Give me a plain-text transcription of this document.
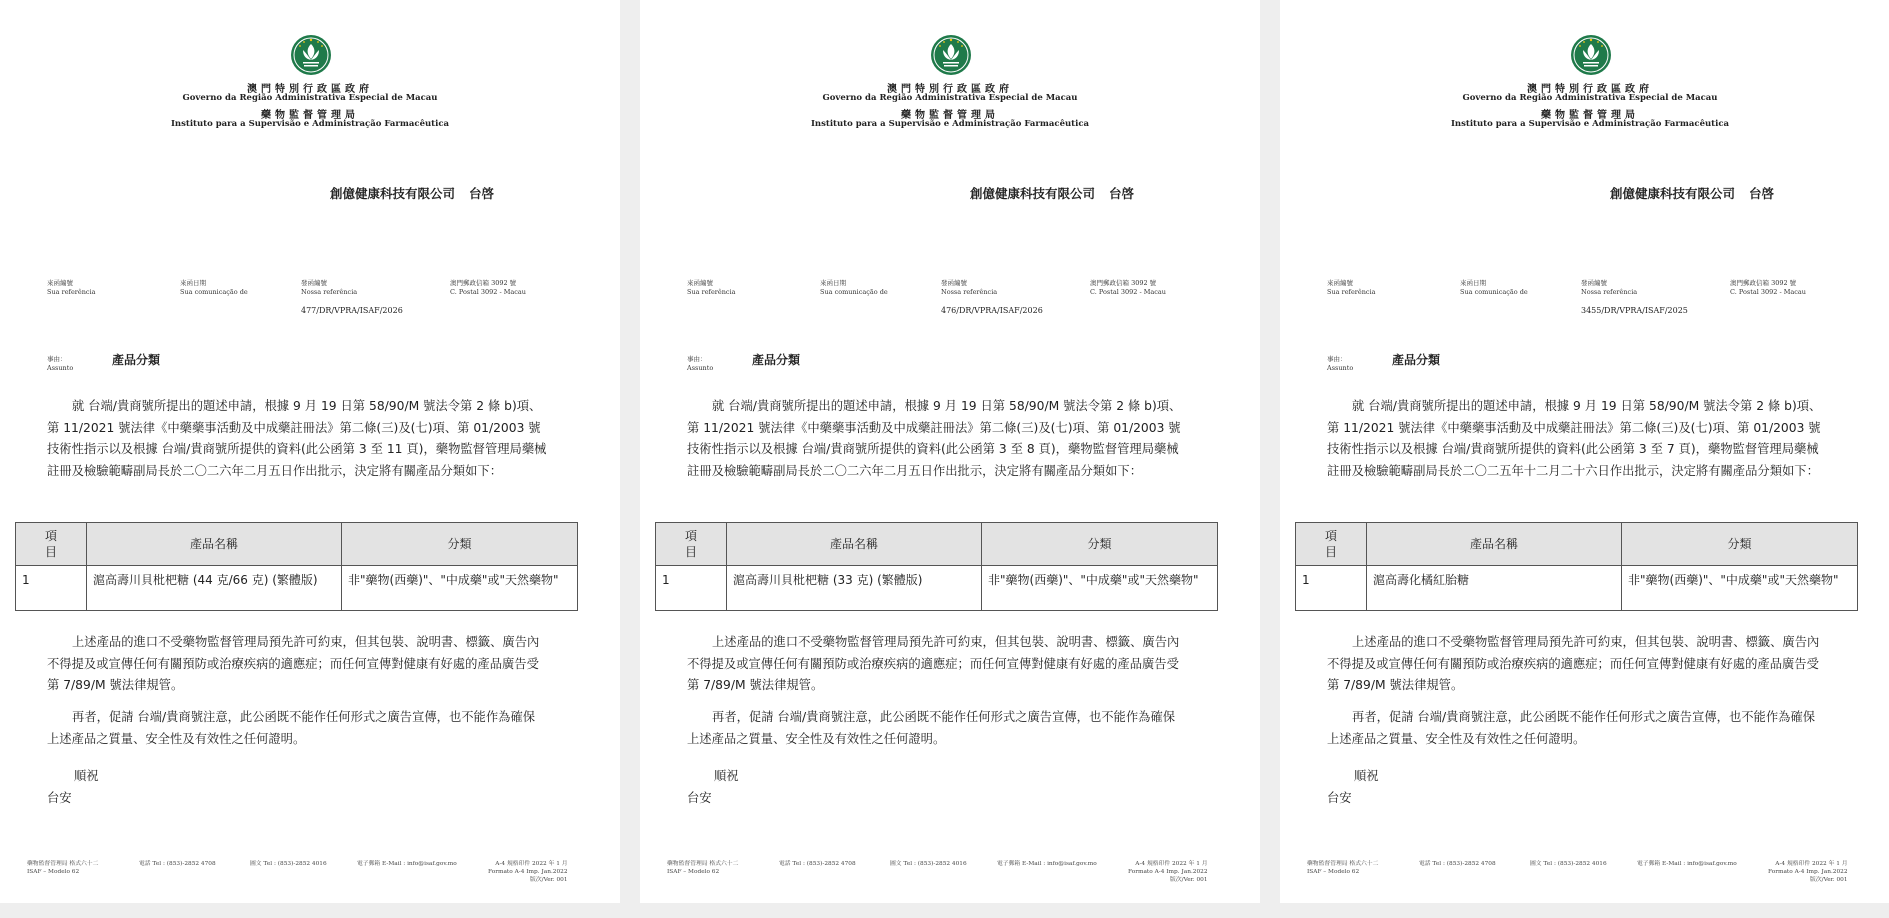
澳門特別行政區政府
Governo da Região Administrativa Especial de Macau
藥物監督管理局
Instituto para a Supervisão e Administração Farmacêutica
創億健康科技有限公司 台啓
來函編號
Sua referência
來函日期
Sua comunicação de
發函編號
Nossa referência
澳門郵政信箱 3092 號
C. Postal 3092 - Macau
477/DR/VPRA/ISAF/2026
事由：
Assunto
產品分類
就 台端/貴商號所提出的題述申請，根據 9 月 19 日第 58/90/M 號法令第 2 條 b)項、第 11/2021 號法律《中藥藥事活動及中成藥註冊法》第二條(三)及(七)項、第 01/2003 號技術性指示以及根據 台端/貴商號所提供的資料(此公函第 3 至 11 頁)，藥物監督管理局藥械註冊及檢驗範疇副局長於二〇二六年二月五日作出批示，決定將有關產品分類如下：
項
目	產品名稱	分類
1	滬高壽川貝枇杷糖 (44 克/66 克) (繁體版)	非"藥物(西藥)"、"中成藥"或"天然藥物"
上述產品的進口不受藥物監督管理局預先許可約束，但其包裝、說明書、標籤、廣告內不得提及或宣傳任何有關預防或治療疾病的適應症；而任何宣傳對健康有好處的產品廣告受第 7/89/M 號法律規管。
再者，促請 台端/貴商號注意，此公函既不能作任何形式之廣告宣傳，也不能作為確保上述產品之質量、安全性及有效性之任何證明。
順祝
台安
藥物監督管理局 格式六十二
ISAF – Modelo 62
電話 Tel : (853)-2852 4708	圖文 Tel : (853)-2852 4016	電子郵箱 E-Mail : info@isaf.gov.mo	A-4 規格印件 2022 年 1 月
Formato A-4 Imp. Jan.2022
版次/Ver. 001
澳門特別行政區政府
Governo da Região Administrativa Especial de Macau
藥物監督管理局
Instituto para a Supervisão e Administração Farmacêutica
創億健康科技有限公司 台啓
來函編號
Sua referência
來函日期
Sua comunicação de
發函編號
Nossa referência
澳門郵政信箱 3092 號
C. Postal 3092 - Macau
476/DR/VPRA/ISAF/2026
事由：
Assunto
產品分類
就 台端/貴商號所提出的題述申請，根據 9 月 19 日第 58/90/M 號法令第 2 條 b)項、第 11/2021 號法律《中藥藥事活動及中成藥註冊法》第二條(三)及(七)項、第 01/2003 號技術性指示以及根據 台端/貴商號所提供的資料(此公函第 3 至 8 頁)，藥物監督管理局藥械註冊及檢驗範疇副局長於二〇二六年二月五日作出批示，決定將有關產品分類如下：
項
目	產品名稱	分類
1	滬高壽川貝枇杷糖 (33 克) (繁體版)	非"藥物(西藥)"、"中成藥"或"天然藥物"
上述產品的進口不受藥物監督管理局預先許可約束，但其包裝、說明書、標籤、廣告內不得提及或宣傳任何有關預防或治療疾病的適應症；而任何宣傳對健康有好處的產品廣告受第 7/89/M 號法律規管。
再者，促請 台端/貴商號注意，此公函既不能作任何形式之廣告宣傳，也不能作為確保上述產品之質量、安全性及有效性之任何證明。
順祝
台安
藥物監督管理局 格式六十二
ISAF – Modelo 62
電話 Tel : (853)-2852 4708	圖文 Tel : (853)-2852 4016	電子郵箱 E-Mail : info@isaf.gov.mo	A-4 規格印件 2022 年 1 月
Formato A-4 Imp. Jan.2022
版次/Ver. 001
澳門特別行政區政府
Governo da Região Administrativa Especial de Macau
藥物監督管理局
Instituto para a Supervisão e Administração Farmacêutica
創億健康科技有限公司 台啓
來函編號
Sua referência
來函日期
Sua comunicação de
發函編號
Nossa referência
澳門郵政信箱 3092 號
C. Postal 3092 - Macau
3455/DR/VPRA/ISAF/2025
事由：
Assunto
產品分類
就 台端/貴商號所提出的題述申請，根據 9 月 19 日第 58/90/M 號法令第 2 條 b)項、第 11/2021 號法律《中藥藥事活動及中成藥註冊法》第二條(三)及(七)項、第 01/2003 號技術性指示以及根據 台端/貴商號所提供的資料(此公函第 3 至 7 頁)，藥物監督管理局藥械註冊及檢驗範疇副局長於二〇二五年十二月二十六日作出批示，決定將有關產品分類如下：
項
目	產品名稱	分類
1	滬高壽化橘紅胎糖	非"藥物(西藥)"、"中成藥"或"天然藥物"
上述產品的進口不受藥物監督管理局預先許可約束，但其包裝、說明書、標籤、廣告內不得提及或宣傳任何有關預防或治療疾病的適應症；而任何宣傳對健康有好處的產品廣告受第 7/89/M 號法律規管。
再者，促請 台端/貴商號注意，此公函既不能作任何形式之廣告宣傳，也不能作為確保上述產品之質量、安全性及有效性之任何證明。
順祝
台安
藥物監督管理局 格式六十二
ISAF – Modelo 62
電話 Tel : (853)-2852 4708	圖文 Tel : (853)-2852 4016	電子郵箱 E-Mail : info@isaf.gov.mo	A-4 規格印件 2022 年 1 月
Formato A-4 Imp. Jan.2022
版次/Ver. 001
